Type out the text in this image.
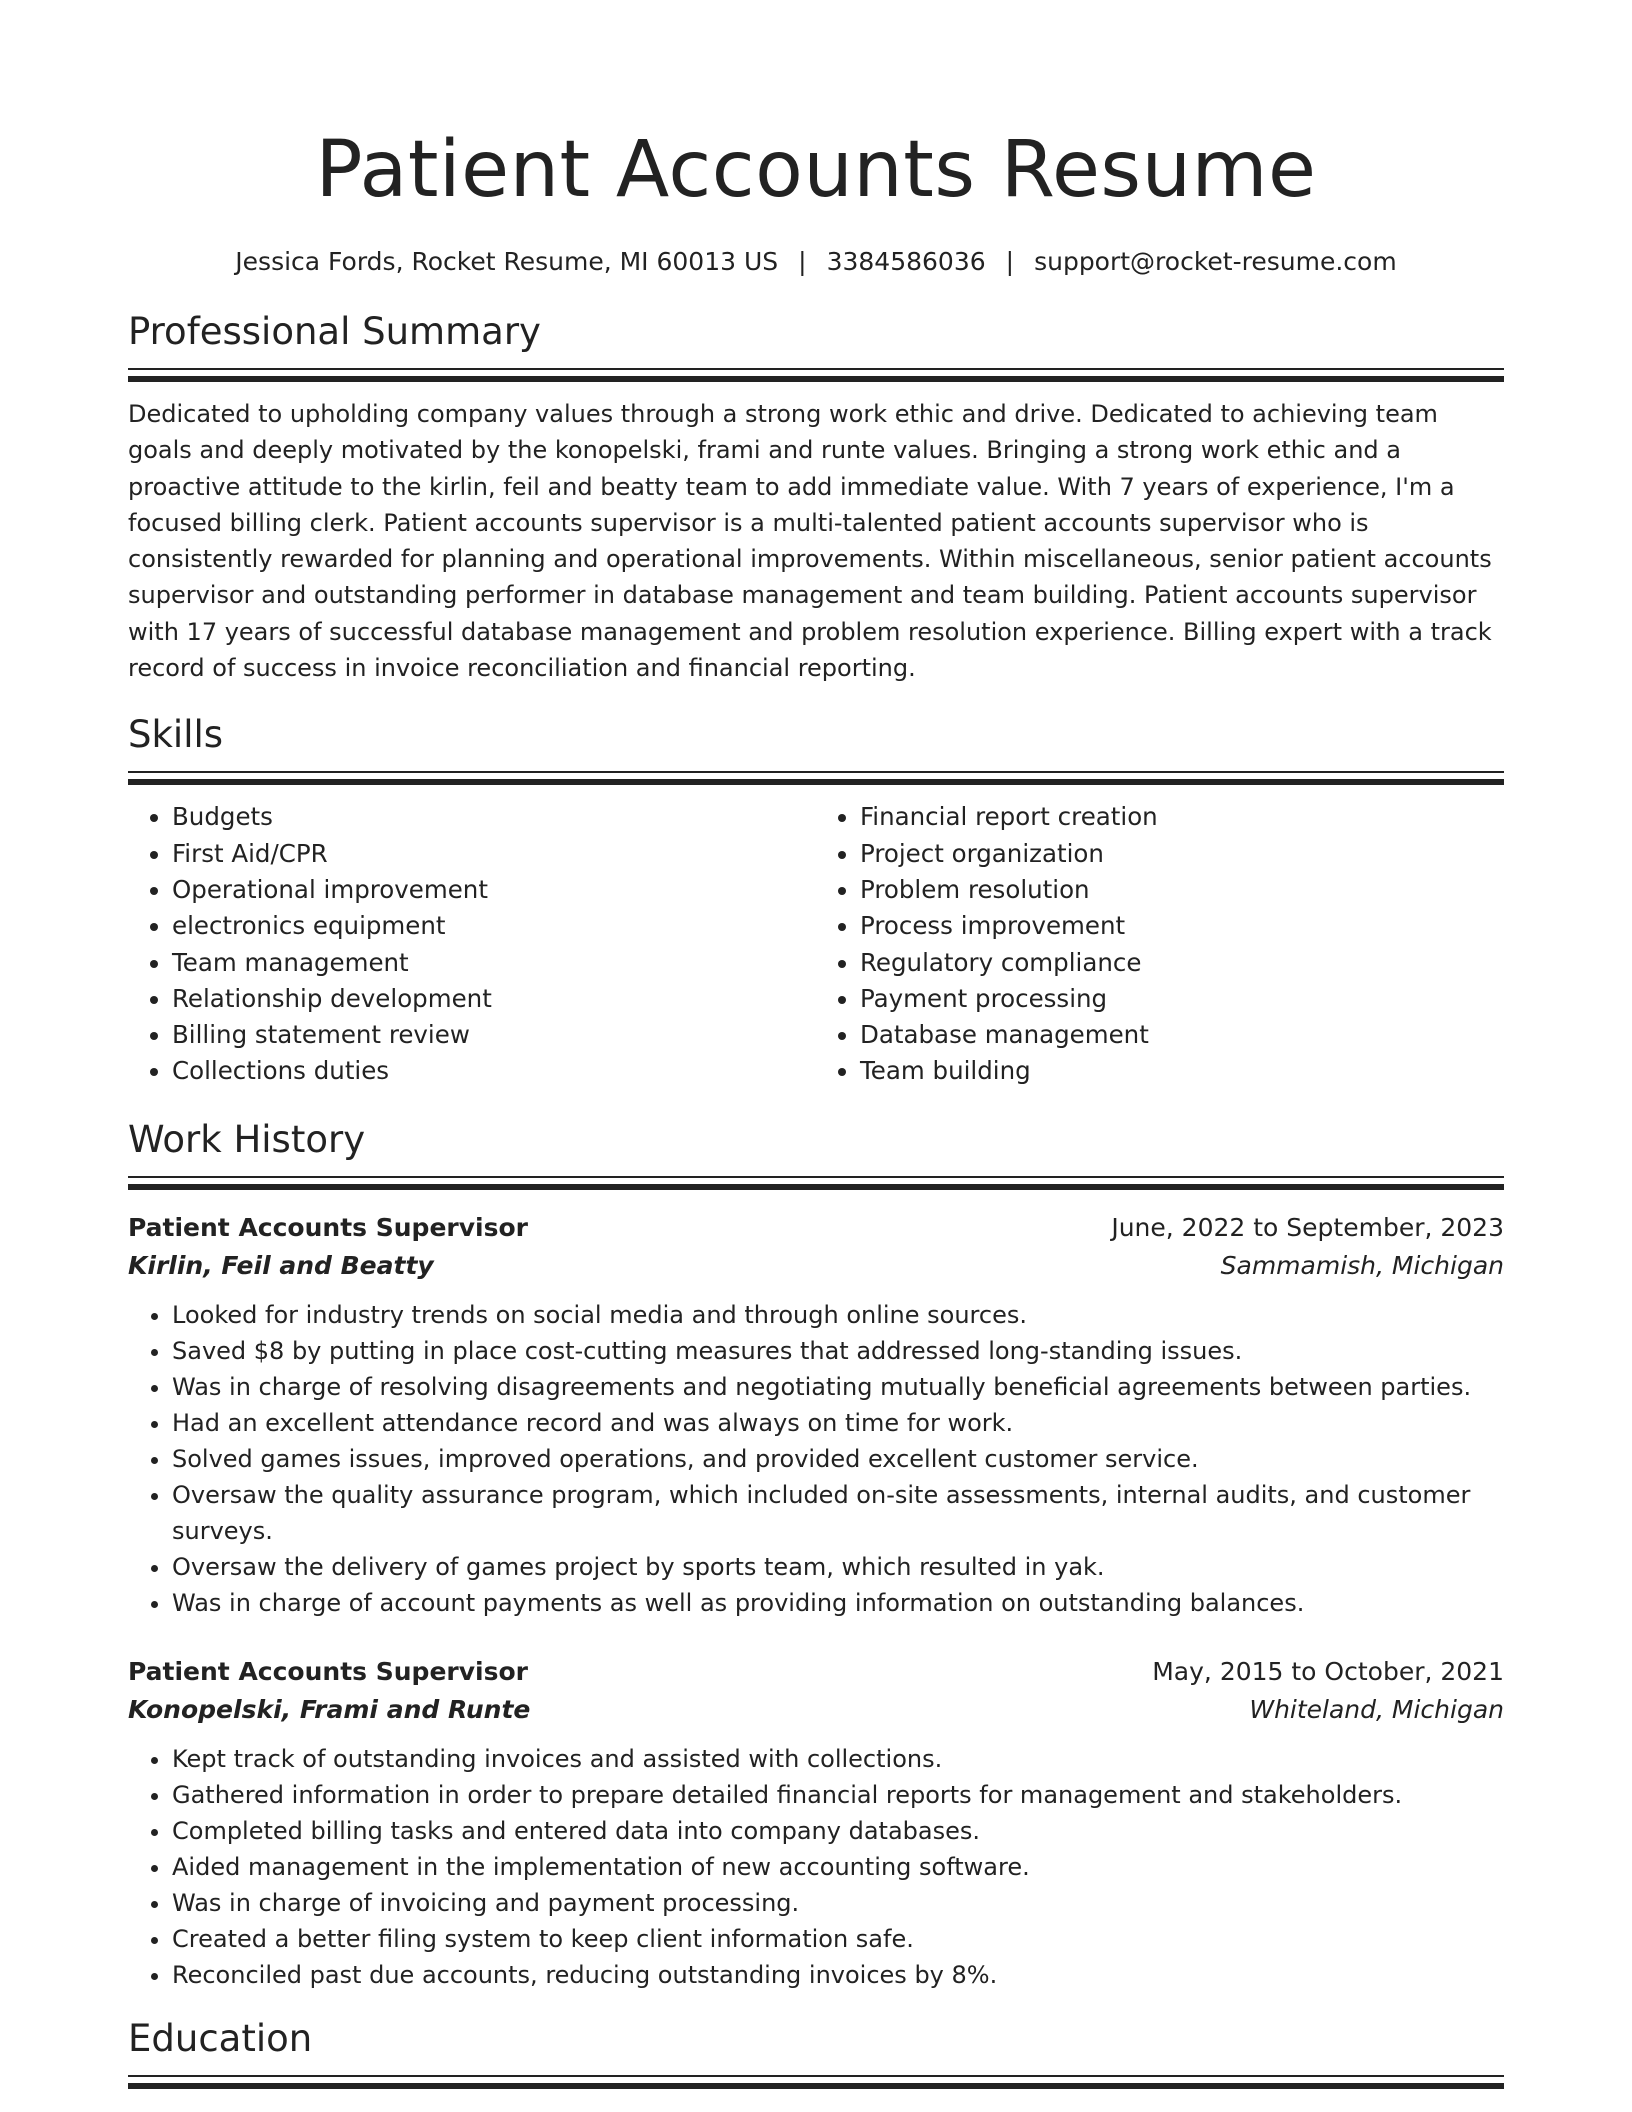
Patient Accounts Resume
Jessica Fords, Rocket Resume, MI 60013 US | 3384586036 | support@rocket-resume.com
Professional Summary

Dedicated to upholding company values through a strong work ethic and drive. Dedicated to achieving team goals and deeply motivated by the konopelski, frami and runte values. Bringing a strong work ethic and a proactive attitude to the kirlin, feil and beatty team to add immediate value. With 7 years of experience, I'm a focused billing clerk. Patient accounts supervisor is a multi-talented patient accounts supervisor who is consistently rewarded for planning and operational improvements. Within miscellaneous, senior patient accounts supervisor and outstanding performer in database management and team building. Patient accounts supervisor with 17 years of successful database management and problem resolution experience. Billing expert with a track record of success in invoice reconciliation and financial reporting.

Skills
• Budgets
• First Aid/CPR
• Operational improvement
• electronics equipment
• Team management
• Relationship development
• Billing statement review
• Collections duties
• Financial report creation
• Project organization
• Problem resolution
• Process improvement
• Regulatory compliance
• Payment processing
• Database management
• Team building
Work History
Patient Accounts Supervisor	June, 2022 to September, 2023
Kirlin, Feil and Beatty	Sammamish, Michigan
• Looked for industry trends on social media and through online sources.
• Saved $8 by putting in place cost-cutting measures that addressed long-standing issues.
• Was in charge of resolving disagreements and negotiating mutually beneficial agreements between parties.
• Had an excellent attendance record and was always on time for work.
• Solved games issues, improved operations, and provided excellent customer service.
• Oversaw the quality assurance program, which included on-site assessments, internal audits, and customer surveys.
• Oversaw the delivery of games project by sports team, which resulted in yak.
• Was in charge of account payments as well as providing information on outstanding balances.
Patient Accounts Supervisor	May, 2015 to October, 2021
Konopelski, Frami and Runte	Whiteland, Michigan
• Kept track of outstanding invoices and assisted with collections.
• Gathered information in order to prepare detailed financial reports for management and stakeholders.
• Completed billing tasks and entered data into company databases.
• Aided management in the implementation of new accounting software.
• Was in charge of invoicing and payment processing.
• Created a better filing system to keep client information safe.
• Reconciled past due accounts, reducing outstanding invoices by 8%.
Education
